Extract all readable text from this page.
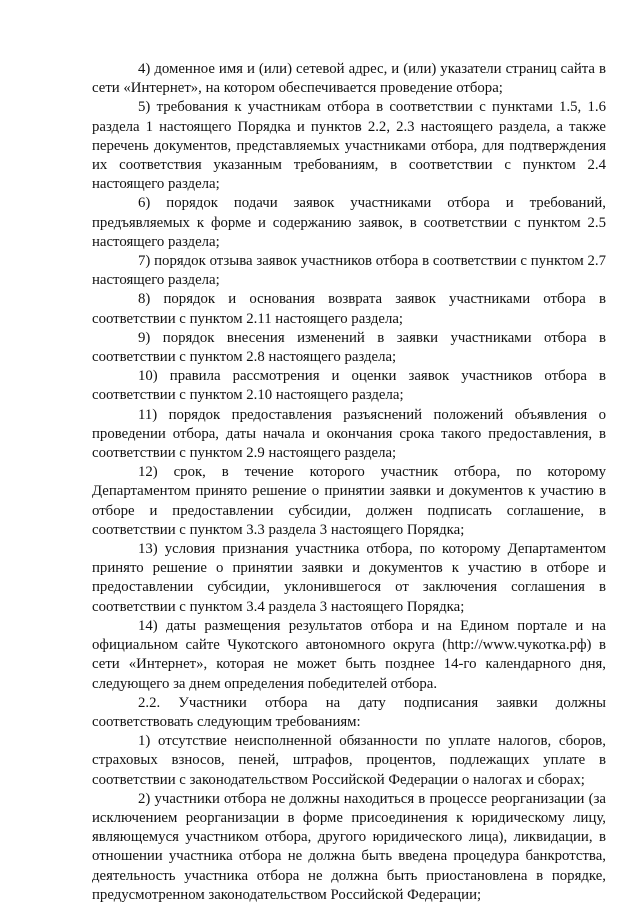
4) доменное имя и (или) сетевой адрес, и (или) указатели страниц сайта в сети «Интернет», на котором обеспечивается проведение отбора;

5) требования к участникам отбора в соответствии с пунктами 1.5, 1.6 раздела 1 настоящего Порядка и пунктов 2.2, 2.3 настоящего раздела, а также перечень документов, представляемых участниками отбора, для подтверждения их соответствия указанным требованиям, в соответствии с пунктом 2.4 настоящего раздела;

6) порядок подачи заявок участниками отбора и требований, предъявляемых к форме и содержанию заявок, в соответствии с пунктом 2.5 настоящего раздела;

7) порядок отзыва заявок участников отбора в соответствии с пунктом 2.7 настоящего раздела;

8) порядок и основания возврата заявок участниками отбора в соответствии с пунктом 2.11 настоящего раздела;

9) порядок внесения изменений в заявки участниками отбора в соответствии с пунктом 2.8 настоящего раздела;

10) правила рассмотрения и оценки заявок участников отбора в соответствии с пунктом 2.10 настоящего раздела;

11) порядок предоставления разъяснений положений объявления о проведении отбора, даты начала и окончания срока такого предоставления, в соответствии с пунктом 2.9 настоящего раздела;

12) срок, в течение которого участник отбора, по которому Департаментом принято решение о принятии заявки и документов к участию в отборе и предоставлении субсидии, должен подписать соглашение, в соответствии с пунктом 3.3 раздела 3 настоящего Порядка;

13) условия признания участника отбора, по которому Департаментом принято решение о принятии заявки и документов к участию в отборе и предоставлении субсидии, уклонившегося от заключения соглашения в соответствии с пунктом 3.4 раздела 3 настоящего Порядка;

14) даты размещения результатов отбора и на Едином портале и на официальном сайте Чукотского автономного округа (http://www.чукотка.рф) в сети «Интернет», которая не может быть позднее 14-го календарного дня, следующего за днем определения победителей отбора.

2.2. Участники отбора на дату подписания заявки должны соответствовать следующим требованиям:

1) отсутствие неисполненной обязанности по уплате налогов, сборов, страховых взносов, пеней, штрафов, процентов, подлежащих уплате в соответствии с законодательством Российской Федерации о налогах и сборах;

2) участники отбора не должны находиться в процессе реорганизации (за исключением реорганизации в форме присоединения к юридическому лицу, являющемуся участником отбора, другого юридического лица), ликвидации, в отношении участника отбора не должна быть введена процедура банкротства, деятельность участника отбора не должна быть приостановлена в порядке, предусмотренном законодательством Российской Федерации;
